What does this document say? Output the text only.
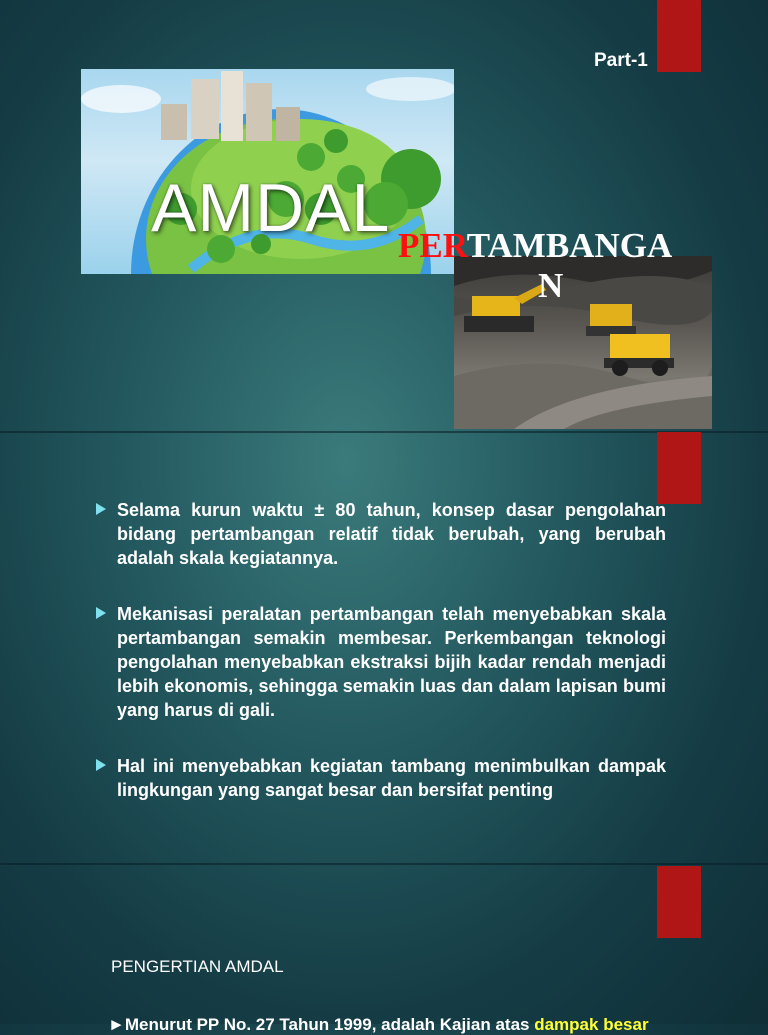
Part-1
AMDAL PERTAMBANGA
N
Selama kurun waktu ± 80 tahun, konsep dasar pengolahan bidang pertambangan relatif tidak berubah, yang berubah adalah skala kegiatannya.
Mekanisasi peralatan pertambangan telah menyebabkan skala pertambangan semakin membesar. Perkembangan teknologi pengolahan menyebabkan ekstraksi bijih kadar rendah menjadi lebih ekonomis, sehingga semakin luas dan dalam lapisan bumi yang harus di gali.
Hal ini menyebabkan kegiatan tambang menimbulkan dampak lingkungan yang sangat besar dan bersifat penting
PENGERTIAN AMDAL
►Menurut PP No. 27 Tahun 1999, adalah Kajian atas dampak besar
